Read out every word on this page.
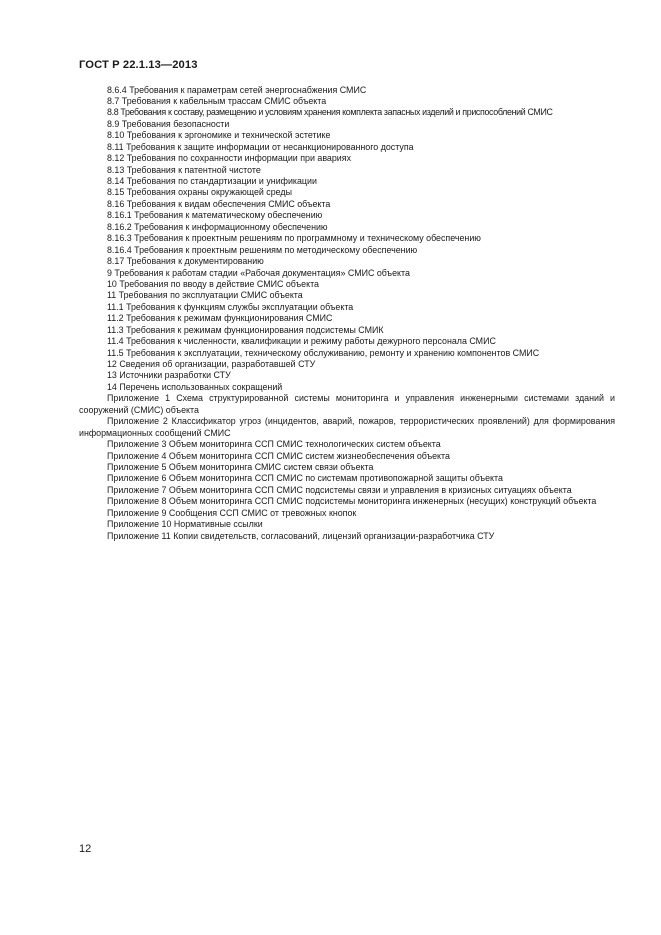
ГОСТ Р 22.1.13—2013
8.6.4 Требования к параметрам сетей энергоснабжения СМИС
8.7 Требования к кабельным трассам СМИС объекта
8.8 Требования к составу, размещению и условиям хранения комплекта запасных изделий и приспособлений СМИС
8.9 Требования безопасности
8.10 Требования к эргономике и технической эстетике
8.11 Требования к защите информации от несанкционированного доступа
8.12 Требования по сохранности информации при авариях
8.13 Требования к патентной чистоте
8.14 Требования по стандартизации и унификации
8.15 Требования охраны окружающей среды
8.16 Требования к видам обеспечения СМИС объекта
8.16.1 Требования к математическому обеспечению
8.16.2 Требования к информационному обеспечению
8.16.3 Требования к проектным решениям по программному и техническому обеспечению
8.16.4 Требования к проектным решениям по методическому обеспечению
8.17 Требования к документированию
9 Требования к работам стадии «Рабочая документация» СМИС объекта
10 Требования по вводу в действие СМИС объекта
11 Требования по эксплуатации СМИС объекта
11.1 Требования к функциям службы эксплуатации объекта
11.2 Требования к режимам функционирования СМИС
11.3 Требования к режимам функционирования подсистемы СМИК
11.4 Требования к численности, квалификации и режиму работы дежурного персонала СМИС
11.5 Требования к эксплуатации, техническому обслуживанию, ремонту и хранению компонентов СМИС
12 Сведения об организации, разработавшей СТУ
13 Источники разработки СТУ
14 Перечень использованных сокращений
Приложение 1 Схема структурированной системы мониторинга и управления инженерными системами зданий и сооружений (СМИС) объекта
Приложение 2 Классификатор угроз (инцидентов, аварий, пожаров, террористических проявлений) для формирования информационных сообщений СМИС
Приложение 3 Объем мониторинга ССП СМИС технологических систем объекта
Приложение 4 Объем мониторинга ССП СМИС систем жизнеобеспечения объекта
Приложение 5 Объем мониторинга СМИС систем связи объекта
Приложение 6 Объем мониторинга ССП СМИС по системам противопожарной защиты объекта
Приложение 7 Объем мониторинга ССП СМИС подсистемы связи и управления в кризисных ситуациях объекта
Приложение 8 Объем мониторинга ССП СМИС подсистемы мониторинга инженерных (несущих) конструкций объекта
Приложение 9 Сообщения ССП СМИС от тревожных кнопок
Приложение 10 Нормативные ссылки
Приложение 11 Копии свидетельств, согласований, лицензий организации-разработчика СТУ
12
